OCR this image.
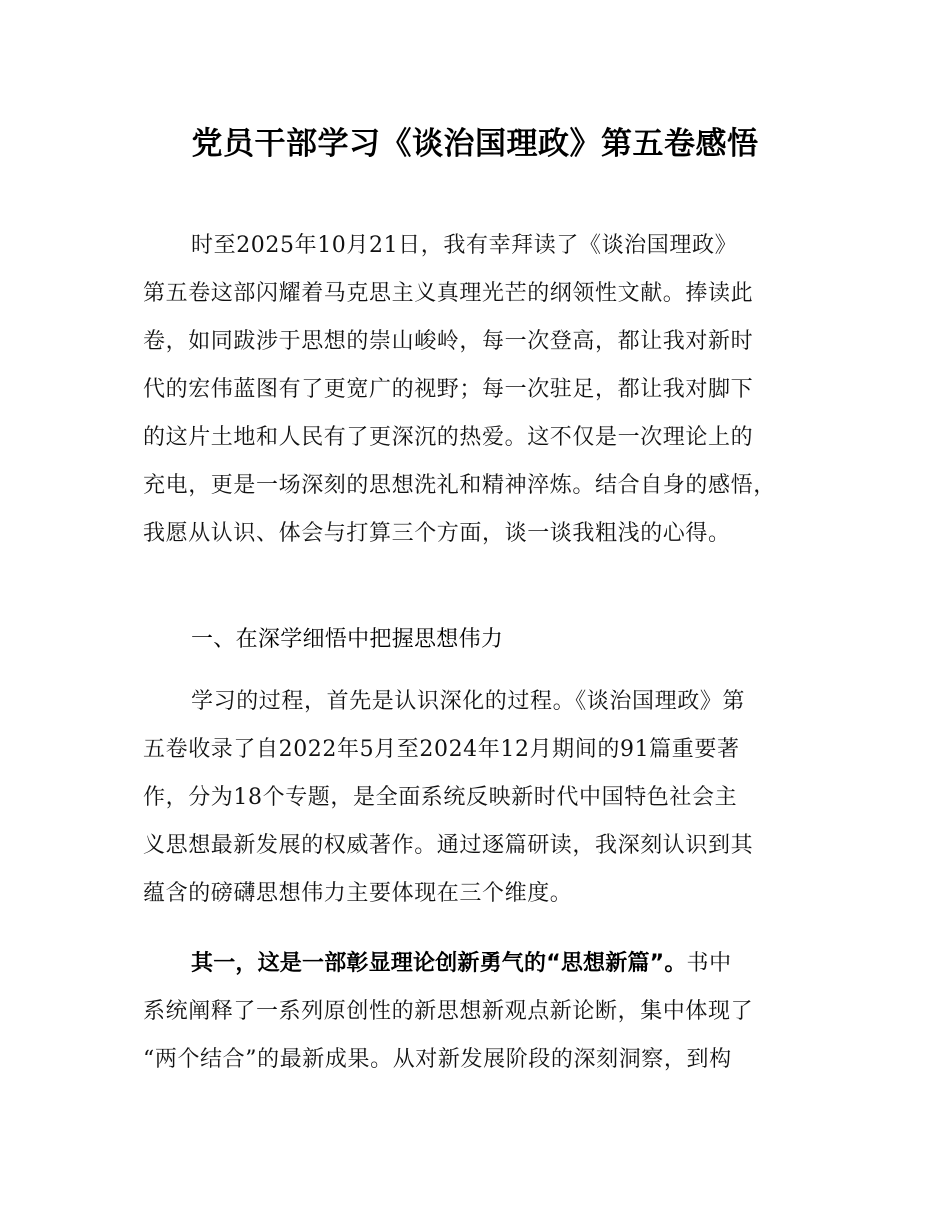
党员干部学习《谈治国理政》第五卷感悟
时至2025年10月21日，我有幸拜读了《谈治国理政》
第五卷这部闪耀着马克思主义真理光芒的纲领性文献。捧读此
卷，如同跋涉于思想的崇山峻岭，每一次登高，都让我对新时
代的宏伟蓝图有了更宽广的视野；每一次驻足，都让我对脚下
的这片土地和人民有了更深沉的热爱。这不仅是一次理论上的
充电，更是一场深刻的思想洗礼和精神淬炼。结合自身的感悟，
我愿从认识、体会与打算三个方面，谈一谈我粗浅的心得。
一、在深学细悟中把握思想伟力
学习的过程，首先是认识深化的过程。《谈治国理政》第
五卷收录了自2022年5月至2024年12月期间的91篇重要著
作，分为18个专题，是全面系统反映新时代中国特色社会主
义思想最新发展的权威著作。通过逐篇研读，我深刻认识到其
蕴含的磅礴思想伟力主要体现在三个维度。
其一，这是一部彰显理论创新勇气的“思想新篇”。书中
系统阐释了一系列原创性的新思想新观点新论断，集中体现了
“两个结合”的最新成果。从对新发展阶段的深刻洞察，到构
